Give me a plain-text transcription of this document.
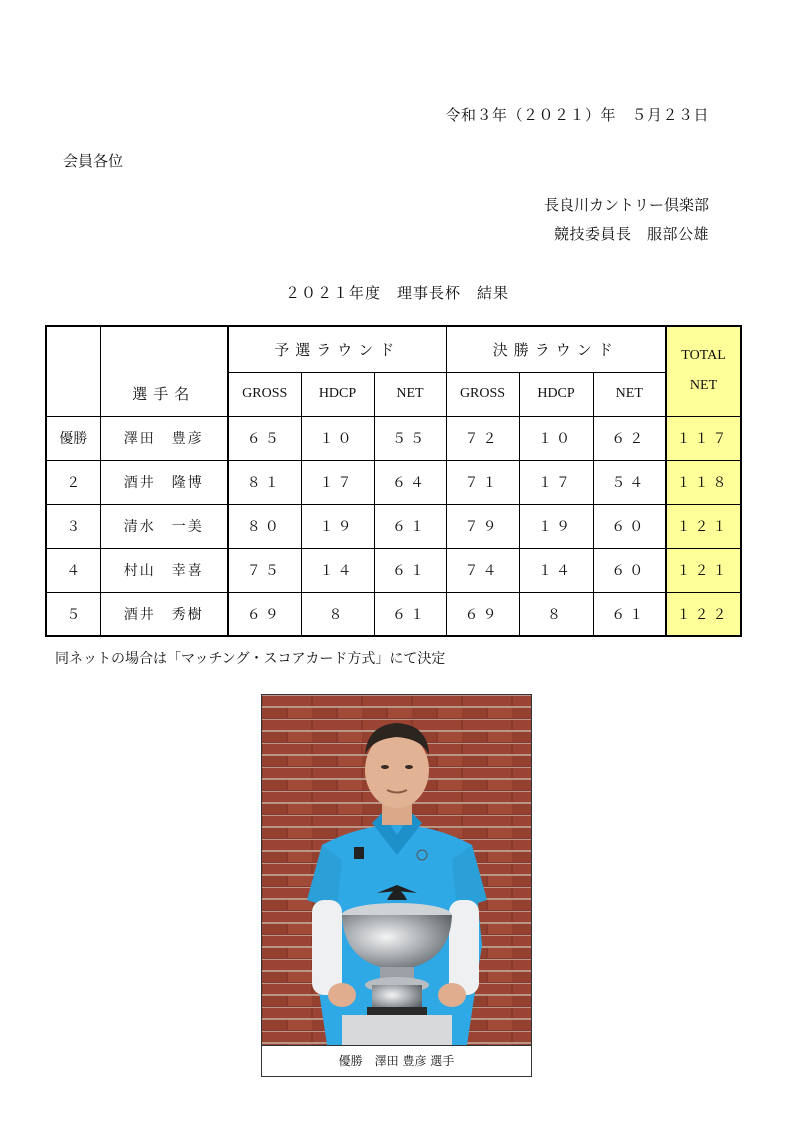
令和３年（２０２１）年　５月２３日
会員各位
長良川カントリー倶楽部
競技委員長　服部公雄
２０２１年度　理事長杯　結果
	選手名	予選ラウンド			決勝ラウンド			TOTAL
NET

		GROSS	HDCP	NET	GROSS	HDCP	NET	
優勝	澤田　豊彦	６５	１０	５５	７２	１０	６２	１１７
２	酒井　隆博	８１	１７	６４	７１	１７	５４	１１８
３	清水　一美	８０	１９	６１	７９	１９	６０	１２１
４	村山　幸喜	７５	１４	６１	７４	１４	６０	１２１
５	酒井　秀樹	６９	８	６１	６９	８	６１	１２２
同ネットの場合は「マッチング・スコアカード方式」にて決定
優勝　澤田 豊彦 選手
